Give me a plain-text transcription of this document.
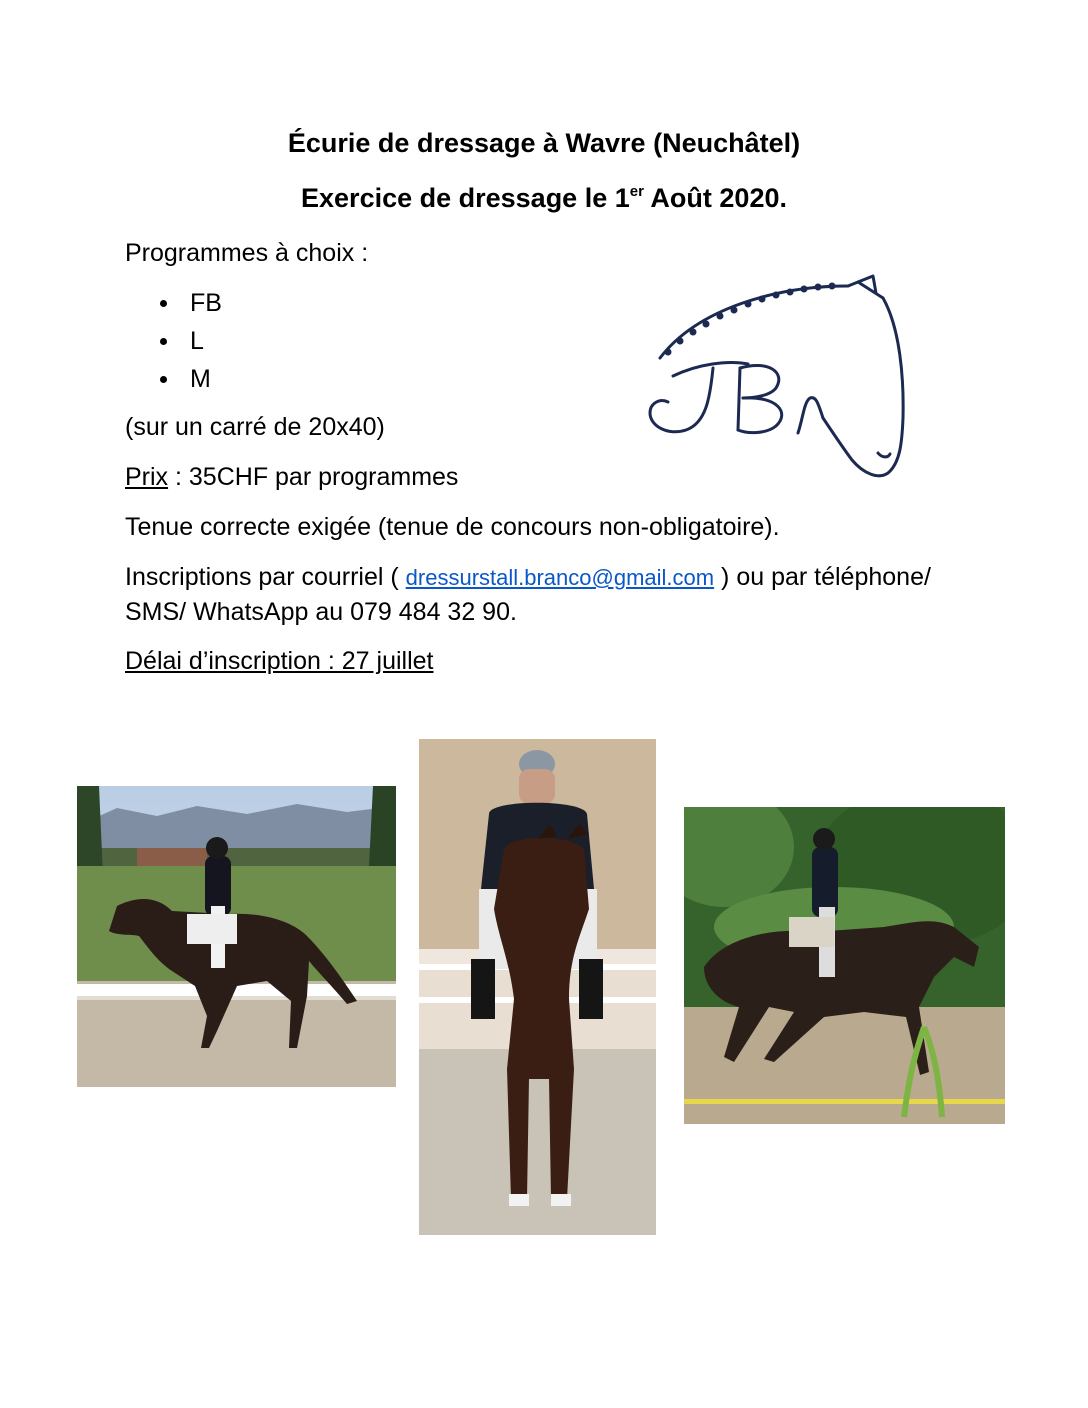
Écurie de dressage à Wavre (Neuchâtel)
Exercice de dressage le 1er Août 2020.
Programmes à choix :
FB
L
M
(sur un carré de 20x40)
Prix : 35CHF par programmes
Tenue correcte exigée (tenue de concours non-obligatoire).
Inscriptions par courriel ( dressurstall.branco@gmail.com ) ou par téléphone/ SMS/ WhatsApp au 079 484 32 90.
Délai d’inscription : 27 juillet
